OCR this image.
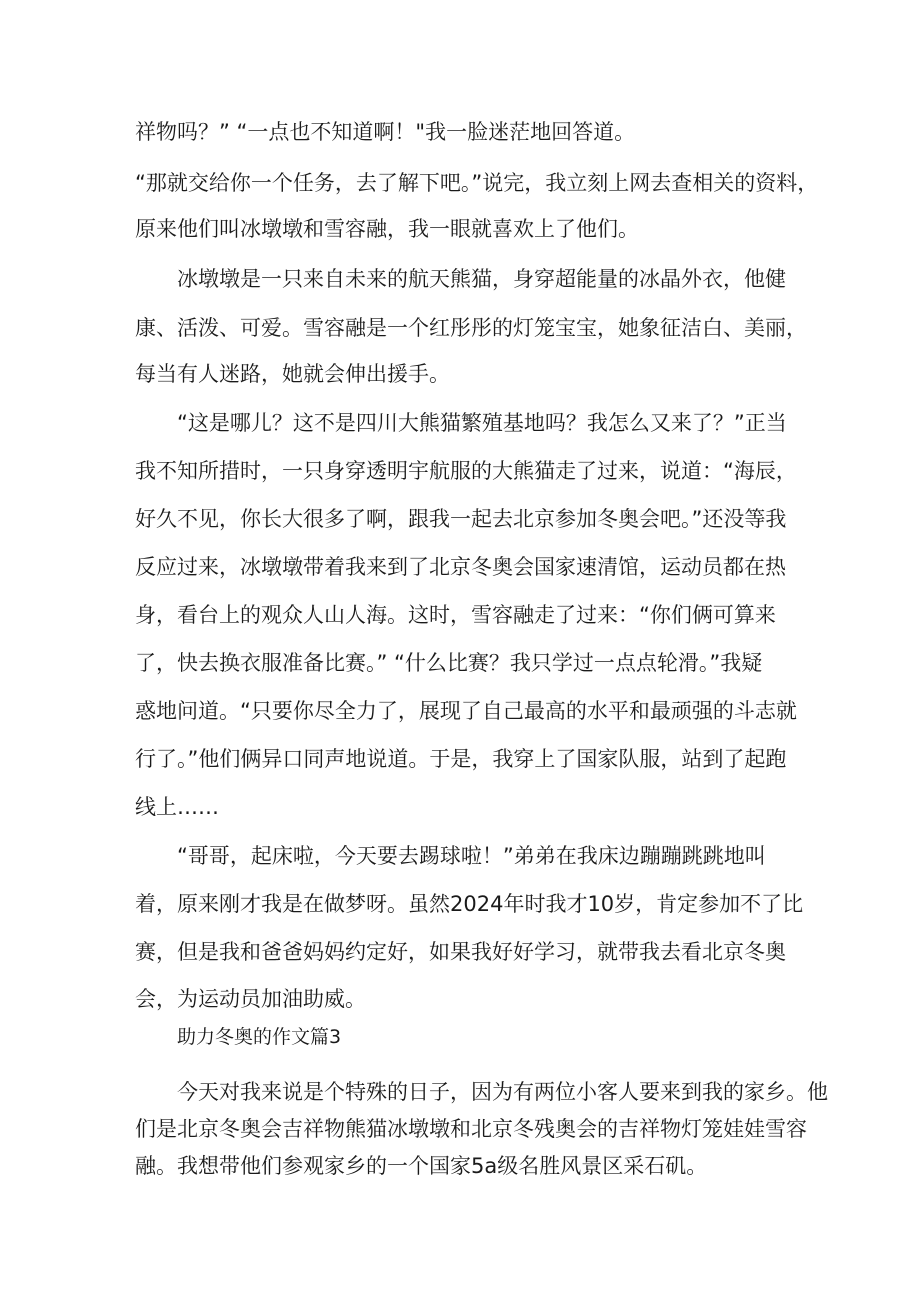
祥物吗？” “一点也不知道啊！"我一脸迷茫地回答道。

“那就交给你一个任务，去了解下吧。”说完，我立刻上网去查相关的资料，

原来他们叫冰墩墩和雪容融，我一眼就喜欢上了他们。

冰墩墩是一只来自未来的航天熊猫，身穿超能量的冰晶外衣，他健

康、活泼、可爱。雪容融是一个红彤彤的灯笼宝宝，她象征洁白、美丽，

每当有人迷路，她就会伸出援手。

“这是哪儿？这不是四川大熊猫繁殖基地吗？我怎么又来了？”正当

我不知所措时，一只身穿透明宇航服的大熊猫走了过来，说道：“海辰，

好久不见，你长大很多了啊，跟我一起去北京参加冬奥会吧。”还没等我

反应过来，冰墩墩带着我来到了北京冬奥会国家速清馆，运动员都在热

身，看台上的观众人山人海。这时，雪容融走了过来：“你们俩可算来

了，快去换衣服准备比赛。” “什么比赛？我只学过一点点轮滑。”我疑

惑地问道。“只要你尽全力了，展现了自己最高的水平和最顽强的斗志就

行了。”他们俩异口同声地说道。于是，我穿上了国家队服，站到了起跑

线上……

“哥哥，起床啦，今天要去踢球啦！”弟弟在我床边蹦蹦跳跳地叫

着，原来刚才我是在做梦呀。虽然2024年时我才10岁，肯定参加不了比

赛，但是我和爸爸妈妈约定好，如果我好好学习，就带我去看北京冬奥

会，为运动员加油助威。

助力冬奥的作文篇3

今天对我来说是个特殊的日子，因为有两位小客人要来到我的家乡。他

们是北京冬奥会吉祥物熊猫冰墩墩和北京冬残奥会的吉祥物灯笼娃娃雪容

融。我想带他们参观家乡的一个国家5a级名胜风景区采石矶。
